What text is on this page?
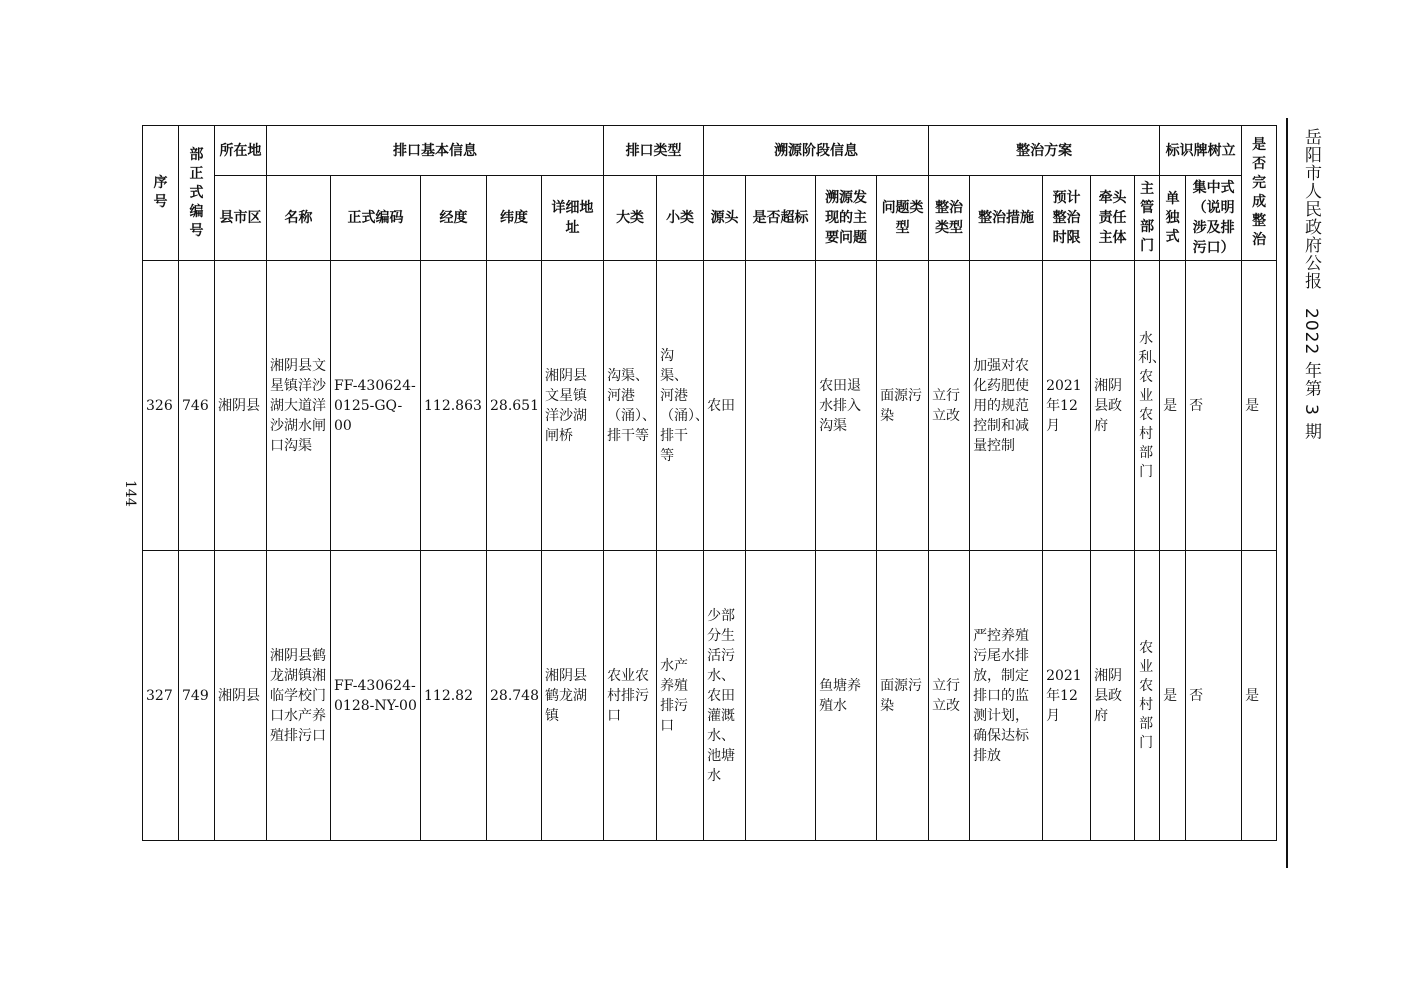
岳阳市人民政府公报　2022 年第 3 期
144
序号	部正式编号	所在地	排口基本信息					排口类型		溯源阶段信息				整治方案					标识牌树立		是否完成整治
		县市区	名称	正式编码	经度	纬度	详细地址	大类	小类	源头	是否超标	溯源发现的主要问题	问题类型	整治类型	整治措施	预计整治时限	牵头责任主体	主管部门	单独式	集中式（说明涉及排污口）	
326	746	湘阴县	湘阴县文星镇洋沙湖大道洋沙湖水闸口沟渠	FF-430624-0125-GQ-00	112.863	28.651	湘阴县文星镇洋沙湖闸桥	沟渠、河港（涌）、排干等	沟渠、河港（涌）、排干等	农田		农田退水排入沟渠	面源污染	立行立改	加强对农化药肥使用的规范控制和减量控制	2021年12月	湘阴县政府	水利、农业农村部门	是	否	是
327	749	湘阴县	湘阴县鹤龙湖镇湘临学校门口水产养殖排污口	FF-430624-0128-NY-00	112.82	28.748	湘阴县鹤龙湖镇	农业农村排污口	水产养殖排污口	少部分生活污水、农田灌溉水、池塘水		鱼塘养殖水	面源污染	立行立改	严控养殖污尾水排放，制定排口的监测计划，确保达标排放	2021年12月	湘阴县政府	农业农村部门	是	否	是
